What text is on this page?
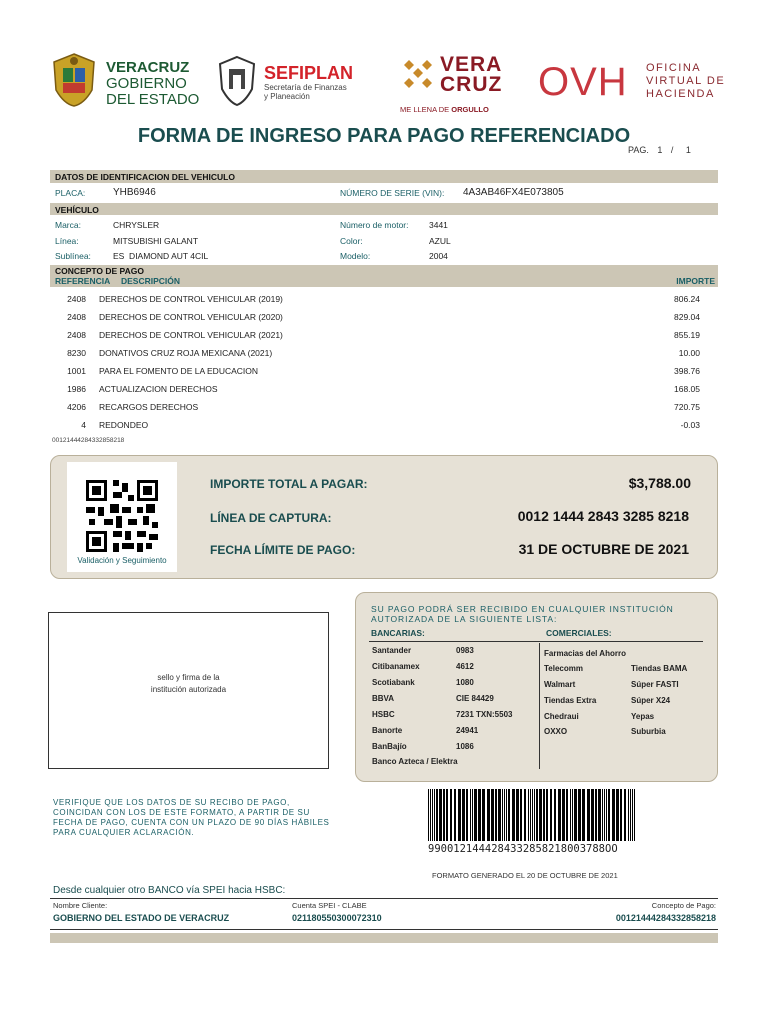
VERACRUZ
GOBIERNO
DEL ESTADO
SEFIPLAN
Secretaría de Finanzas
y Planeación
VERA
CRUZ
ME LLENA DE ORGULLO
OVH OFICINA
VIRTUAL DE
HACIENDA
FORMA DE INGRESO PARA PAGO REFERENCIADO
PAG. 1 / 1
DATOS DE IDENTIFICACION DEL VEHICULO
PLACA:	YHB6946	NÚMERO DE SERIE (VIN): 4A3AB46FX4E073805
VEHÍCULO
Marca:	CHRYSLER
Línea:	MITSUBISHI GALANT
Sublínea:	ES  DIAMOND AUT 4CIL
Número de motor: 3441
Color:	AZUL
Modelo:	2004
CONCEPTO DE PAGO
REFERENCIA DESCRIPCIÓN	IMPORTE
2408 DERECHOS DE CONTROL VEHICULAR (2019)	806.24
2408 DERECHOS DE CONTROL VEHICULAR (2020)	829.04
2408 DERECHOS DE CONTROL VEHICULAR (2021)	855.19
8230 DONATIVOS CRUZ ROJA MEXICANA (2021)	10.00
1001 PARA EL FOMENTO DE LA EDUCACION	398.76
1986 ACTUALIZACION DERECHOS	168.05
4206 RECARGOS DERECHOS	720.75
4 REDONDEO	-0.03
00121444284332858218
Validación y Seguimiento
IMPORTE TOTAL A PAGAR:	$3,788.00
LÍNEA DE CAPTURA:	0012 1444 2843 3285 8218
FECHA LÍMITE DE PAGO:	31 DE OCTUBRE DE 2021
sello y firma de la
institución autorizada
SU PAGO PODRÁ SER RECIBIDO EN CUALQUIER INSTITUCIÓN
AUTORIZADA DE LA SIGUIENTE LISTA:
BANCARIAS:	COMERCIALES:
Santander	0983
Citibanamex	4612
Scotiabank	1080
BBVA	CIE 84429
HSBC	7231 TXN:5503
Banorte	24941
BanBajío	1086
Banco Azteca / Elektra
Farmacias del Ahorro
Telecomm	Tiendas BAMA
Walmart	Súper FASTI
Tiendas Extra	Súper X24
Chedraui	Yepas
OXXO	Suburbia
VERIFIQUE QUE LOS DATOS DE SU RECIBO DE PAGO,
COINCIDAN CON LOS DE ESTE FORMATO, A PARTIR DE SU
FECHA DE PAGO, CUENTA CON UN PLAZO DE 90 DÍAS HÁBILES
PARA CUALQUIER ACLARACIÓN.
9900121444284332858218003788OO
FORMATO GENERADO EL 20 DE OCTUBRE DE 2021
Desde cualquier otro BANCO vía SPEI hacia HSBC:
Nombre Cliente:
GOBIERNO DEL ESTADO DE VERACRUZ
Cuenta SPEI - CLABE
021180550300072310
Concepto de Pago:
00121444284332858218
